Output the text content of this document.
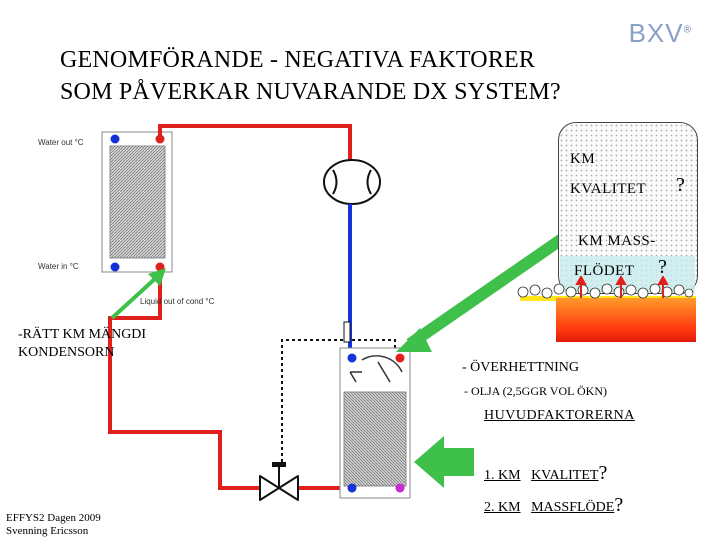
BXV®
GENOMFÖRANDE - NEGATIVA FAKTORER
SOM PÅVERKAR NUVARANDE DX SYSTEM?
Water out °C
Water in °C
Liquid out of cond °C
-RÄTT KM MÄNGDI
KONDENSORN
KM
KVALITET ?
KM MASS-
FLÖDET ?
- ÖVERHETTNING
- OLJA (2,5GGR VOL ÖKN)
HUVUDFAKTORERNA
1. KM KVALITET?
2. KM MASSFLÖDE?
EFFYS2 Dagen 2009
Svenning Ericsson
